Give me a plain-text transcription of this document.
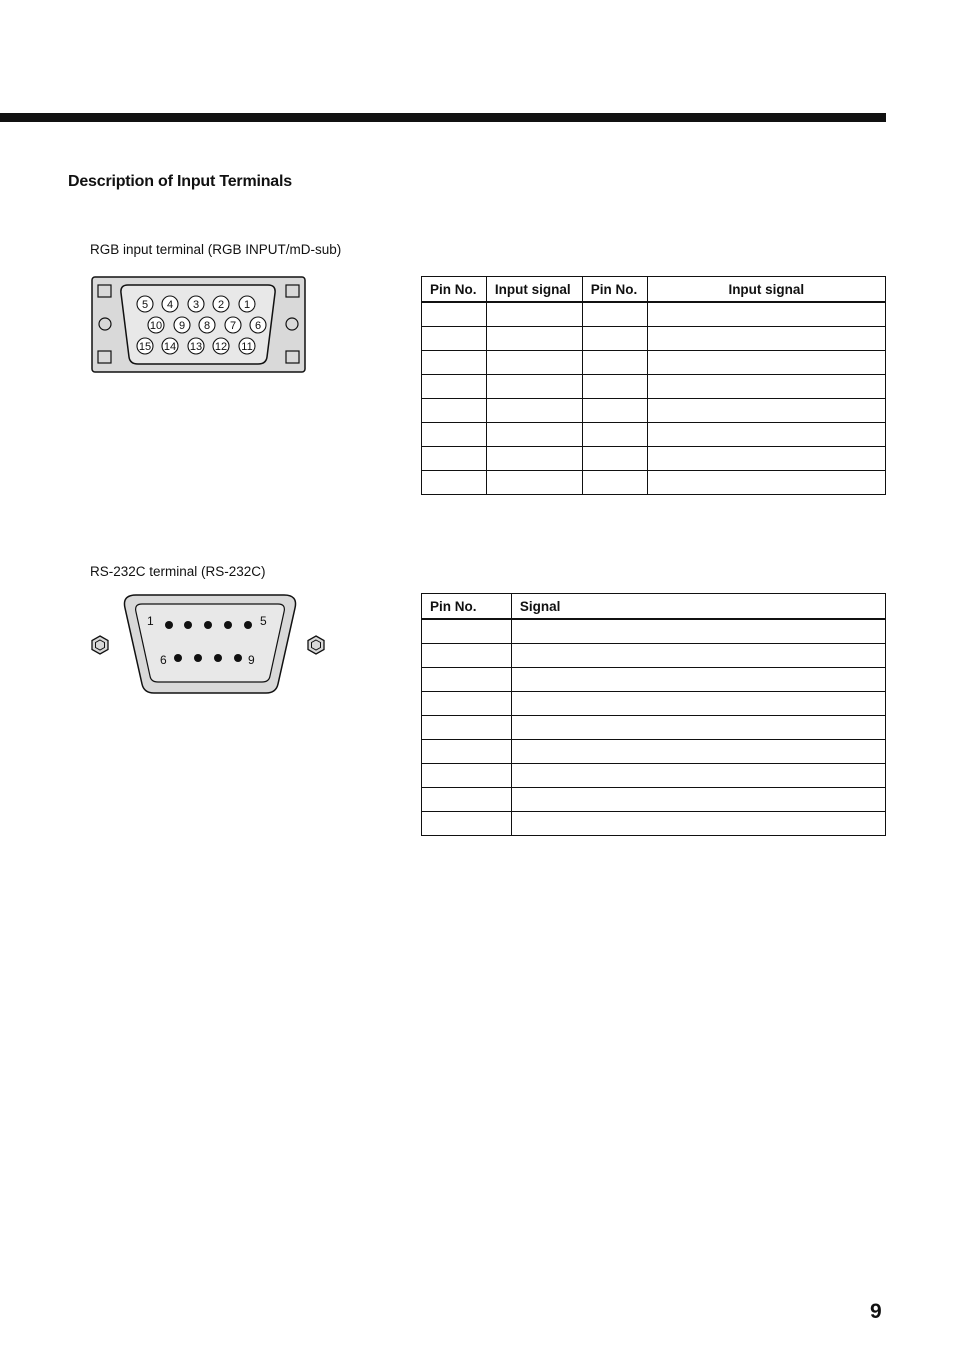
Description of Input Terminals
RGB input terminal (RGB INPUT/mD-sub)
5 4 3 2 1
10 9 8 7 6
15 14 13 12 11
Pin No.	Input signal	Pin No.	Input signal

RS-232C terminal (RS-232C)
1	5
6	9
Pin No.	Signal

9
